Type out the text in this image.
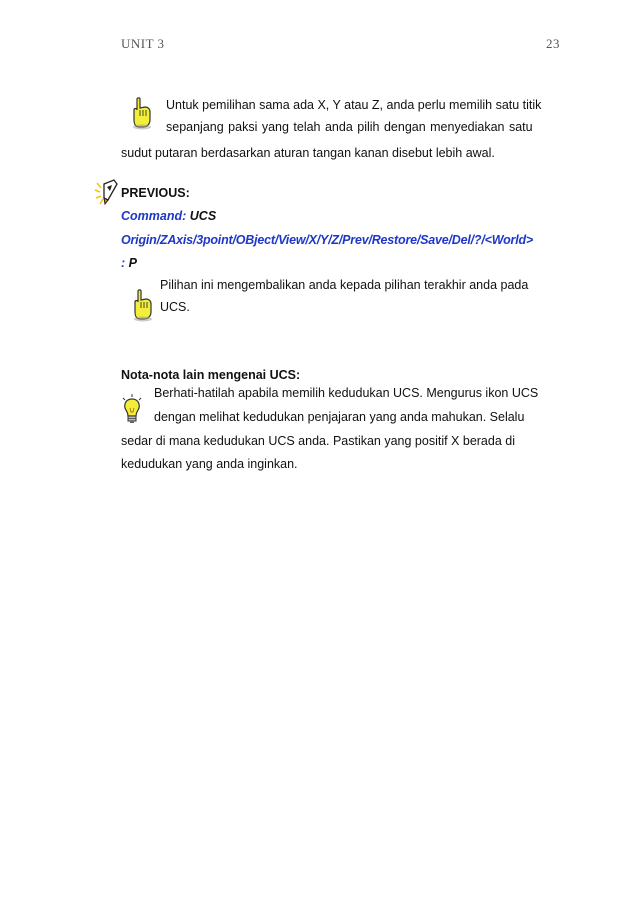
UNIT 3	23
Untuk pemilihan sama ada X, Y atau Z, anda perlu memilih satu titik
sepanjang paksi yang telah anda pilih dengan menyediakan satu
sudut putaran berdasarkan aturan tangan kanan disebut lebih awal.
PREVIOUS:
Command: UCS
Origin/ZAxis/3point/OBject/View/X/Y/Z/Prev/Restore/Save/Del/?/<World>
: P
Pilihan ini mengembalikan anda kepada pilihan terakhir anda pada
UCS.
Nota-nota lain mengenai UCS:
Berhati-hatilah apabila memilih kedudukan UCS. Mengurus ikon UCS
dengan melihat kedudukan penjajaran yang anda mahukan. Selalu
sedar di mana kedudukan UCS anda. Pastikan yang positif X berada di
kedudukan yang anda inginkan.
